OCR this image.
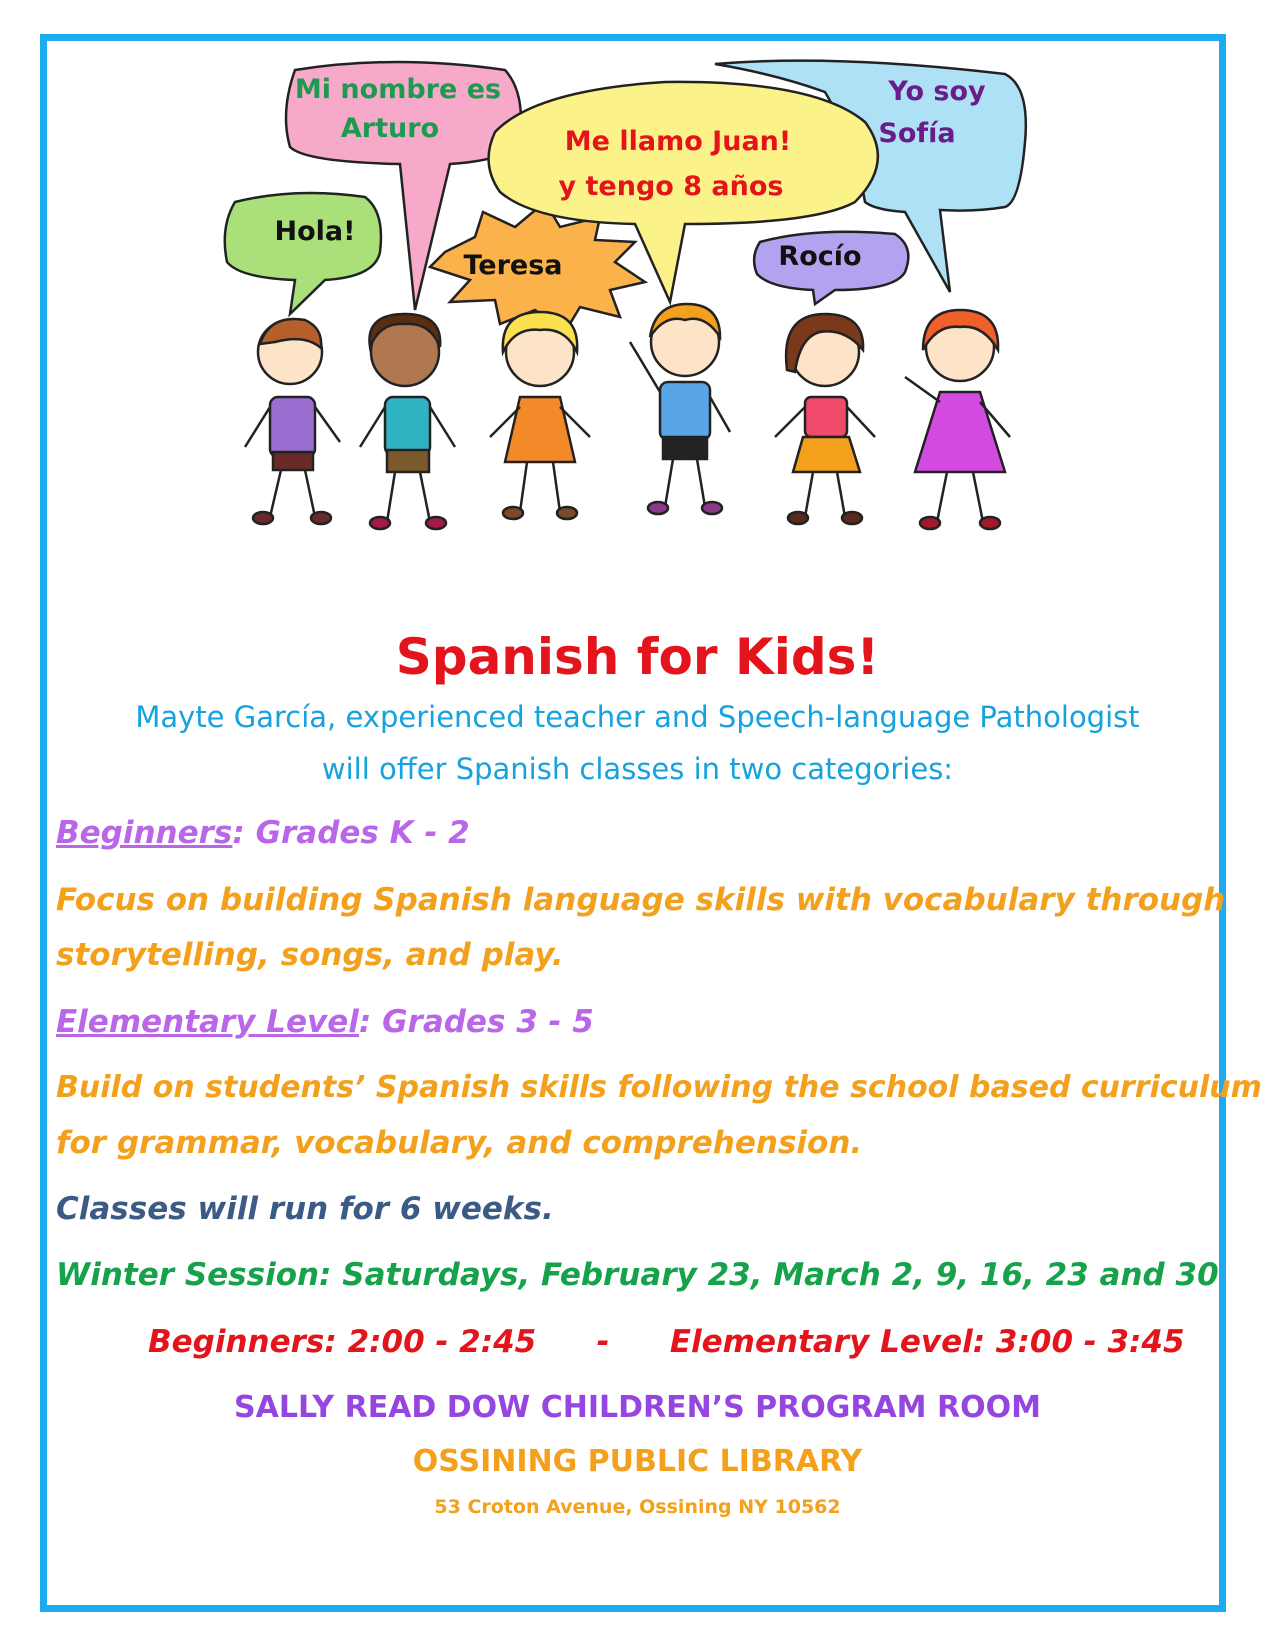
Yo soy
Sofía
Mi nombre es
Arturo
Hola!
Teresa
Me llamo Juan!
y tengo 8 años
Rocío
Spanish for Kids!
Mayte García, experienced teacher and Speech-language Pathologist
will offer Spanish classes in two categories:
Beginners: Grades K - 2
Focus on building Spanish language skills with vocabulary through
storytelling, songs, and play.
Elementary Level: Grades 3 - 5
Build on students’ Spanish skills following the school based curriculum
for grammar, vocabulary, and comprehension.
Classes will run for 6 weeks.
Winter Session: Saturdays, February 23, March 2, 9, 16, 23 and 30
Beginners: 2:00 - 2:45 - Elementary Level: 3:00 - 3:45
SALLY READ DOW CHILDREN’S PROGRAM ROOM
OSSINING PUBLIC LIBRARY
53 Croton Avenue, Ossining NY 10562
